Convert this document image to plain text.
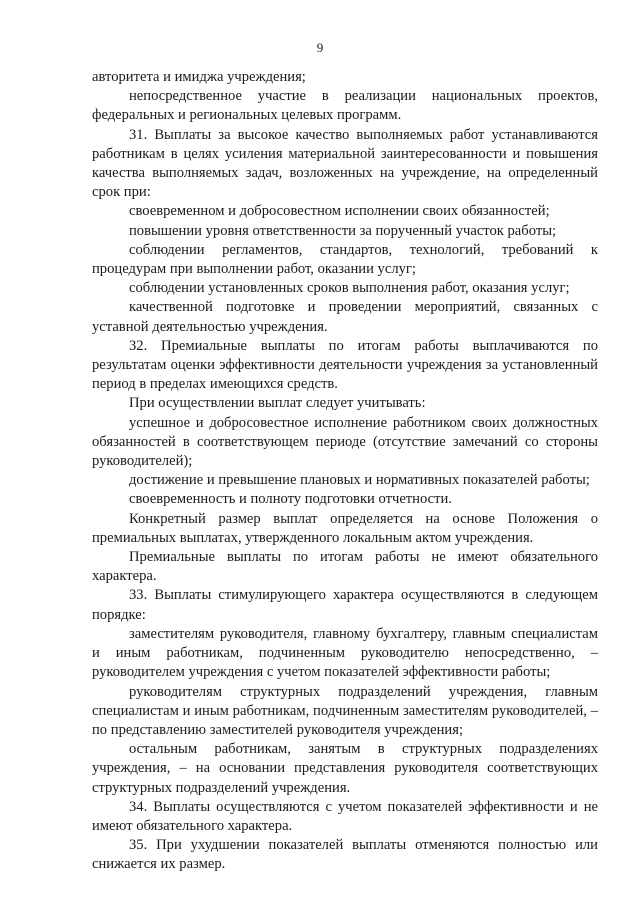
9

авторитета и имиджа учреждения;

непосредственное участие в реализации национальных проектов, федеральных и региональных целевых программ.

31. Выплаты за высокое качество выполняемых работ устанавливаются работникам в целях усиления материальной заинтересованности и повышения качества выполняемых задач, возложенных на учреждение, на определенный срок при:

своевременном и добросовестном исполнении своих обязанностей;

повышении уровня ответственности за порученный участок работы;

соблюдении регламентов, стандартов, технологий, требований к процедурам при выполнении работ, оказании услуг;

соблюдении установленных сроков выполнения работ, оказания услуг;

качественной подготовке и проведении мероприятий, связанных с уставной деятельностью учреждения.

32. Премиальные выплаты по итогам работы выплачиваются по результатам оценки эффективности деятельности учреждения за установленный период в пределах имеющихся средств.

При осуществлении выплат следует учитывать:

успешное и добросовестное исполнение работником своих должностных обязанностей в соответствующем периоде (отсутствие замечаний со стороны руководителей);

достижение и превышение плановых и нормативных показателей работы;

своевременность и полноту подготовки отчетности.

Конкретный размер выплат определяется на основе Положения о премиальных выплатах, утвержденного локальным актом учреждения.

Премиальные выплаты по итогам работы не имеют обязательного характера.

33. Выплаты стимулирующего характера осуществляются в следующем порядке:

заместителям руководителя, главному бухгалтеру, главным специалистам и иным работникам, подчиненным руководителю непосредственно, – руководителем учреждения с учетом показателей эффективности работы;

руководителям структурных подразделений учреждения, главным специалистам и иным работникам, подчиненным заместителям руководителей, – по представлению заместителей руководителя учреждения;

остальным работникам, занятым в структурных подразделениях учреждения, – на основании представления руководителя соответствующих структурных подразделений учреждения.

34. Выплаты осуществляются с учетом показателей эффективности и не имеют обязательного характера.

35. При ухудшении показателей выплаты отменяются полностью или снижается их размер.
